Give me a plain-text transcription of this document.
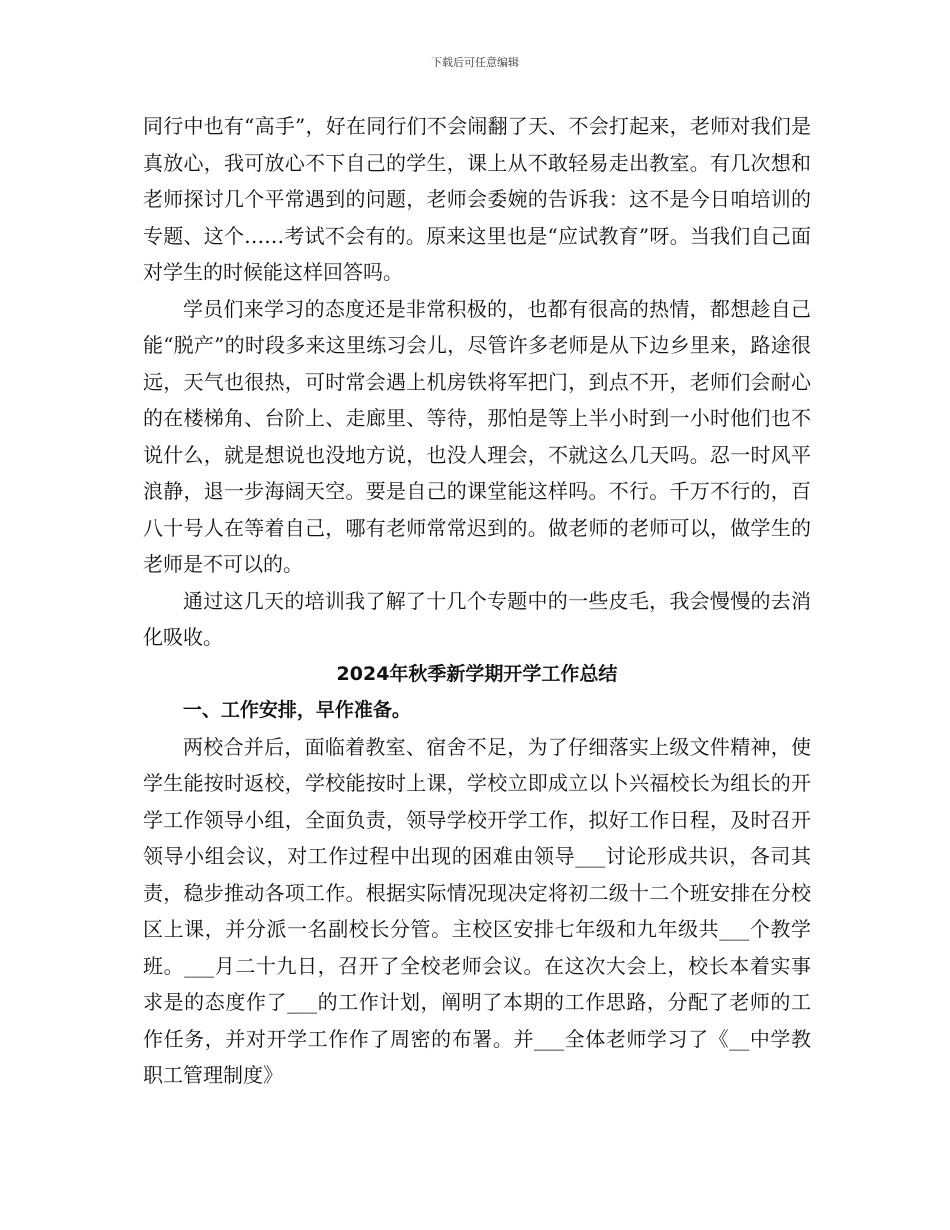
下载后可任意编辑

同行中也有“高手”，好在同行们不会闹翻了天、不会打起来，老师对我们是真放心，我可放心不下自己的学生，课上从不敢轻易走出教室。有几次想和老师探讨几个平常遇到的问题，老师会委婉的告诉我：这不是今日咱培训的专题、这个……考试不会有的。原来这里也是“应试教育”呀。当我们自己面对学生的时候能这样回答吗。

学员们来学习的态度还是非常积极的，也都有很高的热情，都想趁自己能“脱产”的时段多来这里练习会儿，尽管许多老师是从下边乡里来，路途很远，天气也很热，可时常会遇上机房铁将军把门，到点不开，老师们会耐心的在楼梯角、台阶上、走廊里、等待，那怕是等上半小时到一小时他们也不说什么，就是想说也没地方说，也没人理会，不就这么几天吗。忍一时风平浪静，退一步海阔天空。要是自己的课堂能这样吗。不行。千万不行的，百八十号人在等着自己，哪有老师常常迟到的。做老师的老师可以，做学生的老师是不可以的。

通过这几天的培训我了解了十几个专题中的一些皮毛，我会慢慢的去消化吸收。

2024年秋季新学期开学工作总结

一、工作安排，早作准备。

两校合并后，面临着教室、宿舍不足，为了仔细落实上级文件精神，使学生能按时返校，学校能按时上课，学校立即成立以卜兴福校长为组长的开学工作领导小组，全面负责，领导学校开学工作，拟好工作日程，及时召开领导小组会议，对工作过程中出现的困难由领导___讨论形成共识，各司其责，稳步推动各项工作。根据实际情况现决定将初二级十二个班安排在分校区上课，并分派一名副校长分管。主校区安排七年级和九年级共___个教学班。___月二十九日，召开了全校老师会议。在这次大会上，校长本着实事求是的态度作了___的工作计划，阐明了本期的工作思路，分配了老师的工作任务，并对开学工作作了周密的布署。并___全体老师学习了《__中学教职工管理制度》
